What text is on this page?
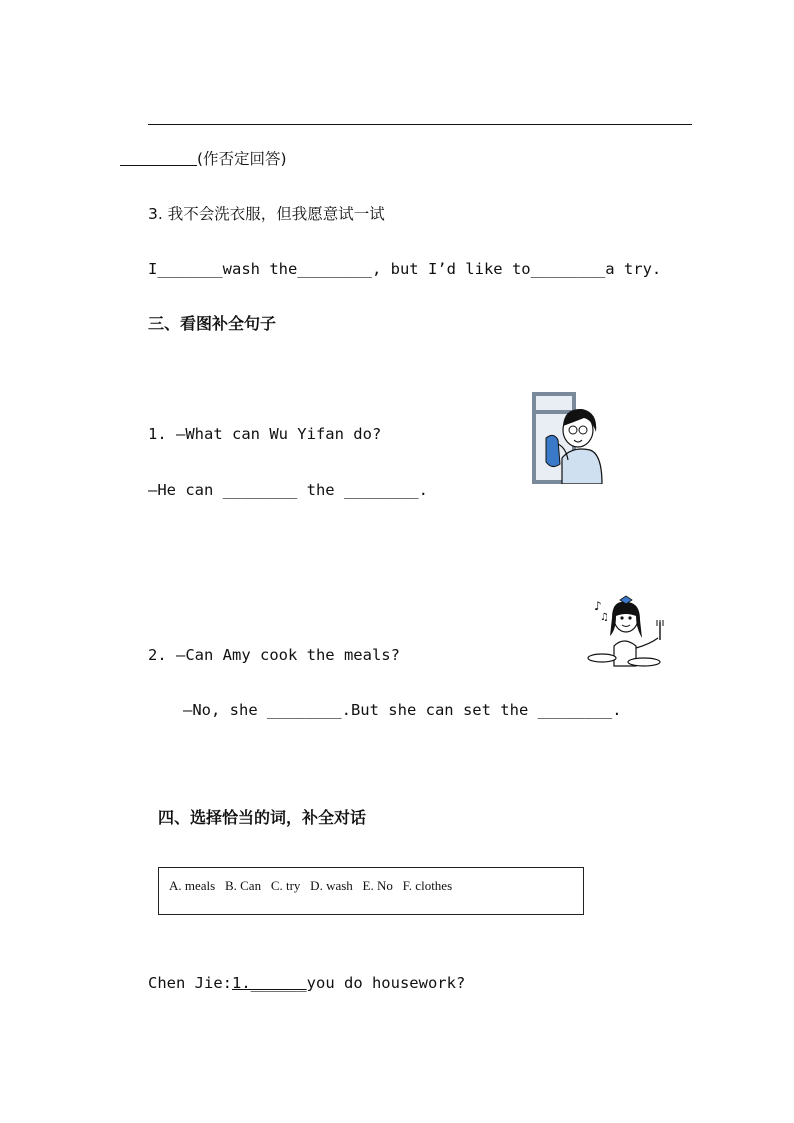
(作否定回答)
3. 我不会洗衣服，但我愿意试一试
I_______wash the________, but I’d like to________a try.
三、看图补全句子
1. —What can Wu Yifan do?
—He can ________ the ________.
2. —Can Amy cook the meals?
—No, she ________.But she can set the ________.
♪
♫
四、选择恰当的词，补全对话
A. meals   B. Can   C. try   D. wash   E. No   F. clothes
Chen Jie:1.______you do housework?
